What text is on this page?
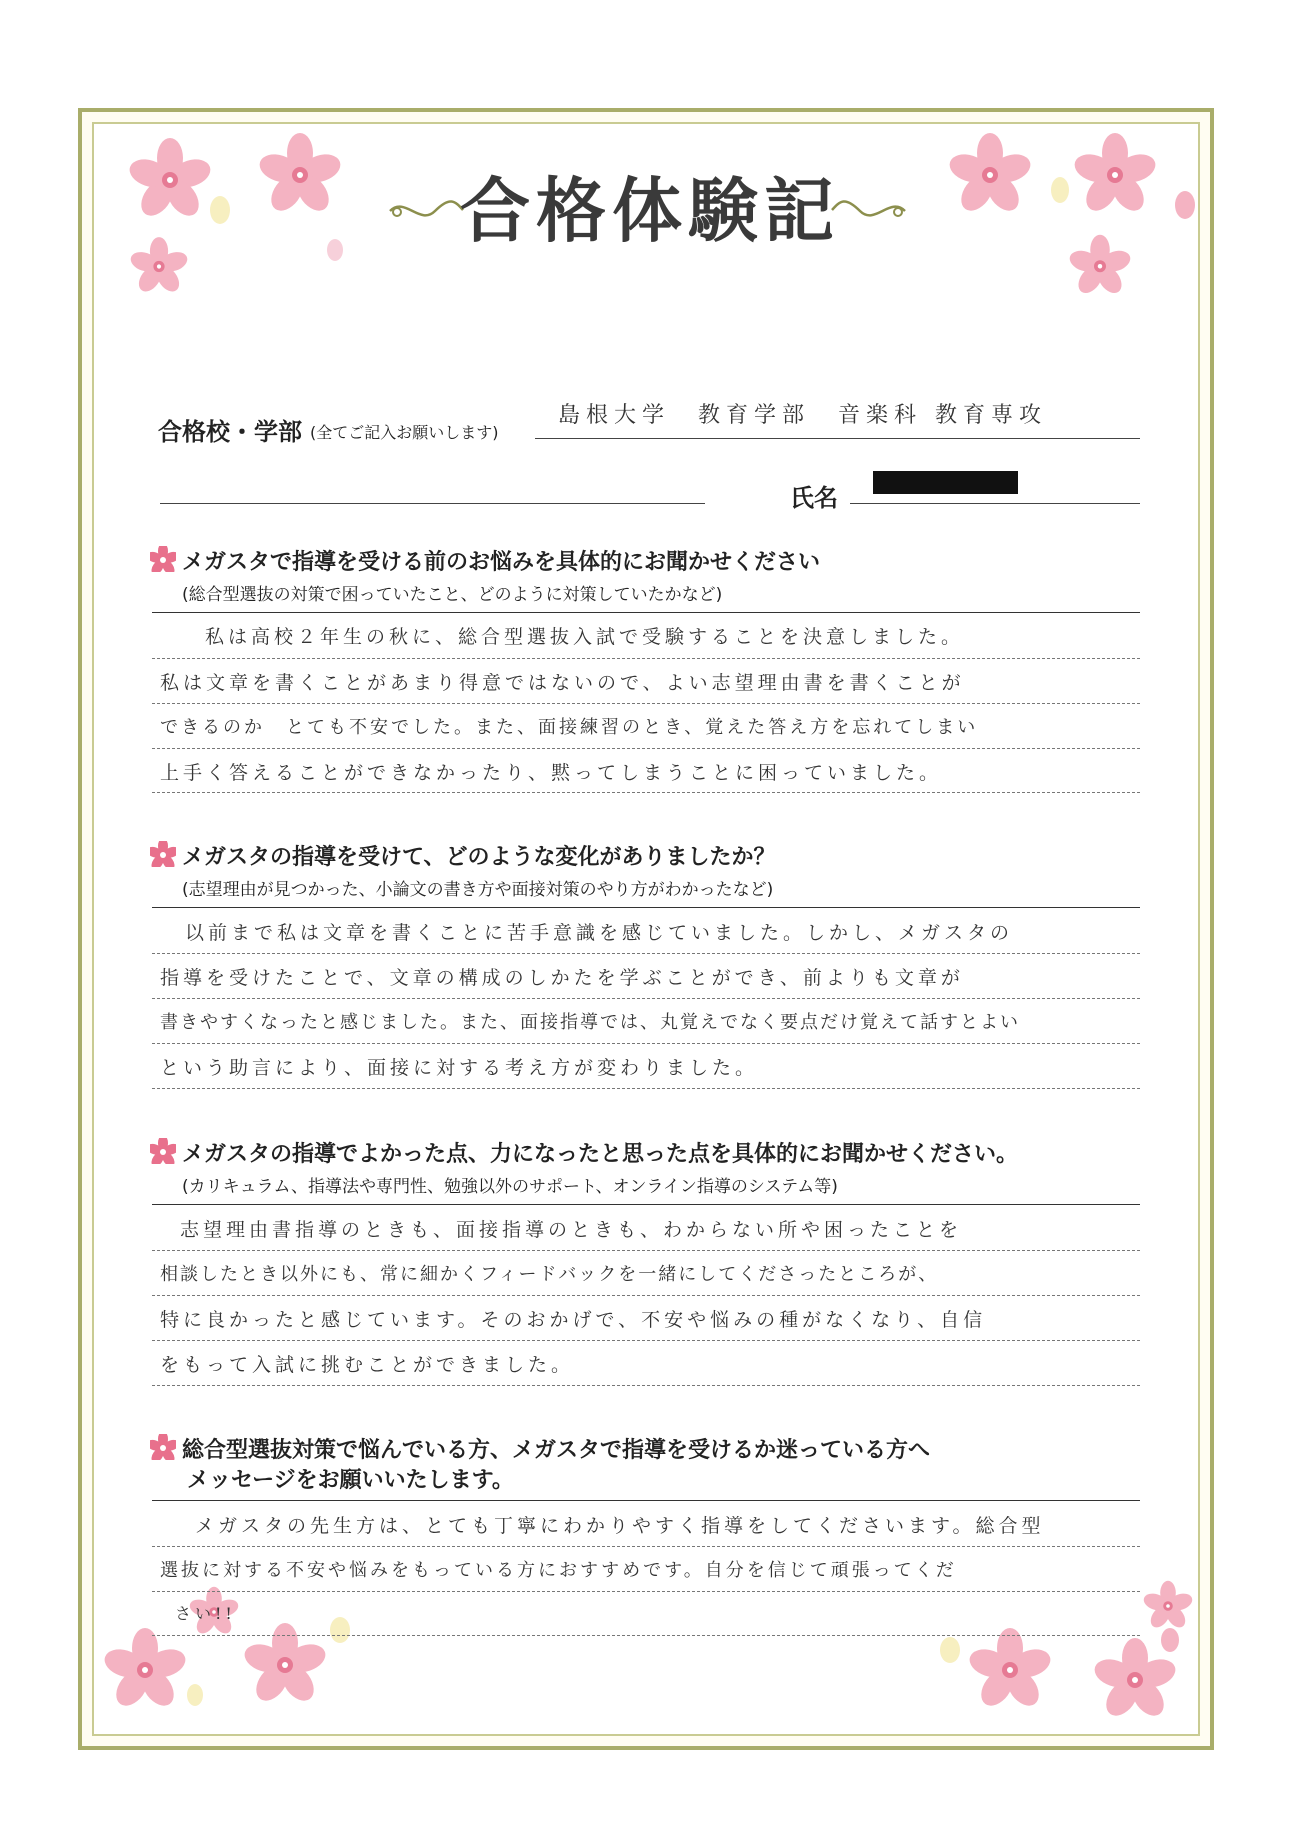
合格体験記
合格校・学部 (全てご記入お願いします)
島根大学　教育学部　音楽科 教育専攻
氏名
メガスタで指導を受ける前のお悩みを具体的にお聞かせください
(総合型選抜の対策で困っていたこと、どのように対策していたかなど)
私は高校２年生の秋に、総合型選抜入試で受験することを決意しました。
私は文章を書くことがあまり得意ではないので、よい志望理由書を書くことが
できるのか　とても不安でした。また、面接練習のとき、覚えた答え方を忘れてしまい
上手く答えることができなかったり、黙ってしまうことに困っていました。
メガスタの指導を受けて、どのような変化がありましたか？
(志望理由が見つかった、小論文の書き方や面接対策のやり方がわかったなど)
以前まで私は文章を書くことに苦手意識を感じていました。しかし、メガスタの
指導を受けたことで、文章の構成のしかたを学ぶことができ、前よりも文章が
書きやすくなったと感じました。また、面接指導では、丸覚えでなく要点だけ覚えて話すとよい
という助言により、面接に対する考え方が変わりました。
メガスタの指導でよかった点、力になったと思った点を具体的にお聞かせください。
(カリキュラム、指導法や専門性、勉強以外のサポート、オンライン指導のシステム等)
志望理由書指導のときも、面接指導のときも、わからない所や困ったことを
相談したとき以外にも、常に細かくフィードバックを一緒にしてくださったところが、
特に良かったと感じています。そのおかげで、不安や悩みの種がなくなり、自信
をもって入試に挑むことができました。
総合型選抜対策で悩んでいる方、メガスタで指導を受けるか迷っている方へ
メッセージをお願いいたします。
メガスタの先生方は、とても丁寧にわかりやすく指導をしてくださいます。総合型
選抜に対する不安や悩みをもっている方におすすめです。自分を信じて頑張ってくだ
さい!!
